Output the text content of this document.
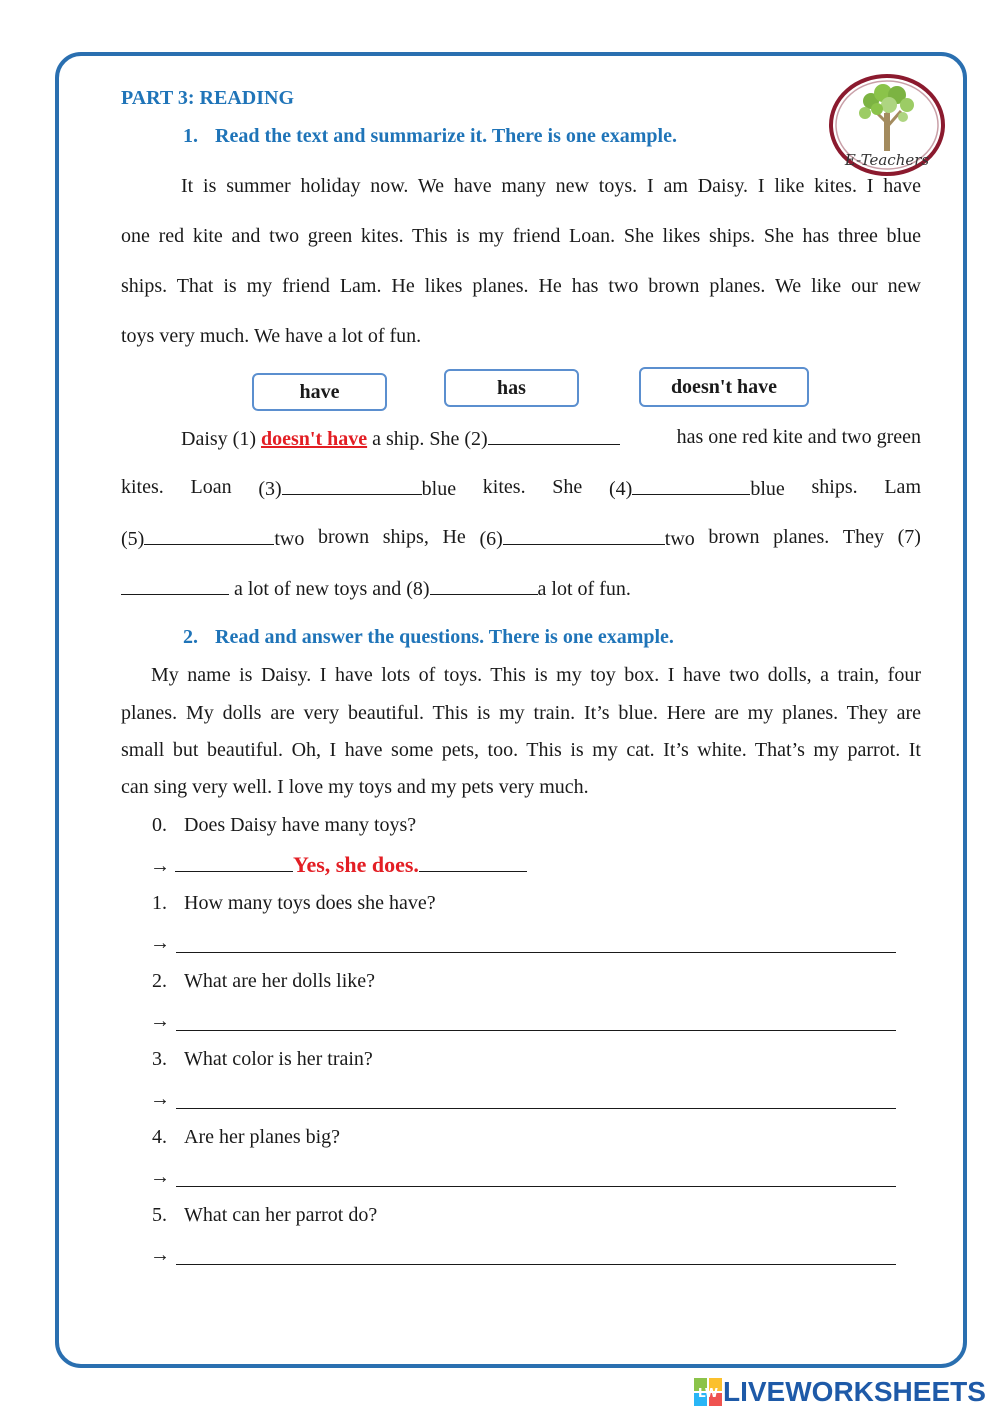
E-Teachers
PART 3: READING
1. Read the text and summarize it. There is one example.
It is summer holiday now. We have many new toys. I am Daisy. I like kites. I have
one red kite and two green kites. This is my friend Loan. She likes ships. She has three blue
ships. That is my friend Lam. He likes planes. He has two brown planes. We like our new
toys very much. We have a lot of fun.
have	has	doesn't have
Daisy (1) doesn't have a ship. She (2)	has one red kite and two green
kites. Loan (3)	blue kites. She (4)	blue ships. Lam
(5)	two brown ships, He (6)	two brown planes. They (7)
a lot of new toys and (8)	a lot of fun.
2. Read and answer the questions. There is one example.
My name is Daisy. I have lots of toys. This is my toy box. I have two dolls, a train, four
planes. My dolls are very beautiful. This is my train. It’s blue. Here are my planes. They are
small but beautiful. Oh, I have some pets, too. This is my cat. It’s white. That’s my parrot. It
can sing very well. I love my toys and my pets very much.
0. Does Daisy have many toys?
→	Yes, she does.
1. How many toys does she have?
→
2. What are her dolls like?
→
3. What color is her train?
→
4. Are her planes big?
→
5. What can her parrot do?
→
LW LIVEWORKSHEETS
